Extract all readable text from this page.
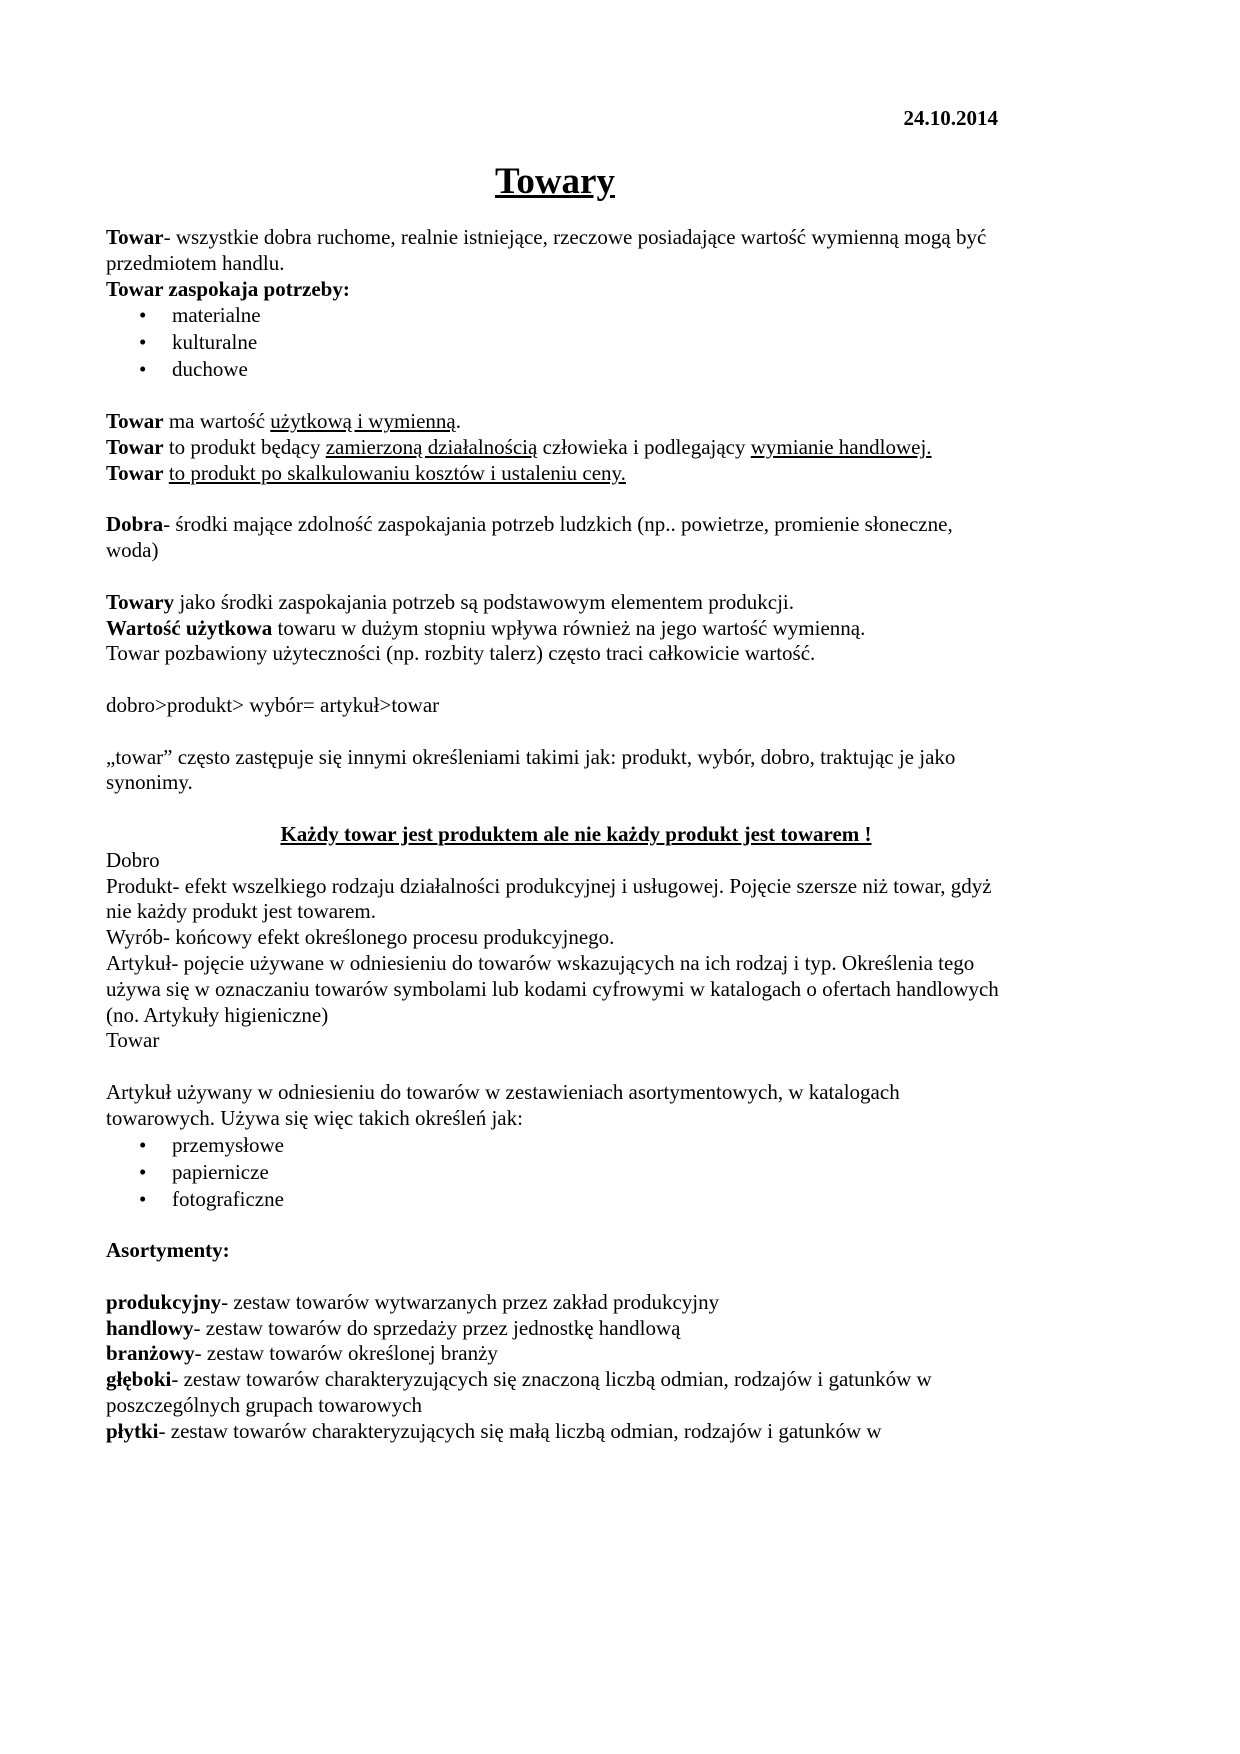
24.10.2014
Towary

Towar- wszystkie dobra ruchome, realnie istniejące, rzeczowe posiadające wartość wymienną mogą być przedmiotem handlu.

Towar zaspokaja potrzeby:

• materialne
• kulturalne
• duchowe

Towar ma wartość użytkową i wymienną.

Towar to produkt będący zamierzoną działalnością człowieka i podlegający wymianie handlowej.

Towar to produkt po skalkulowaniu kosztów i ustaleniu ceny.

Dobra- środki mające zdolność zaspokajania potrzeb ludzkich (np.. powietrze, promienie słoneczne, woda)

Towary jako środki zaspokajania potrzeb są podstawowym elementem produkcji.

Wartość użytkowa towaru w dużym stopniu wpływa również na jego wartość wymienną.

Towar pozbawiony użyteczności (np. rozbity talerz) często traci całkowicie wartość.

dobro>produkt> wybór= artykuł>towar

„towar” często zastępuje się innymi określeniami takimi jak: produkt, wybór, dobro, traktując je jako synonimy.

Każdy towar jest produktem ale nie każdy produkt jest towarem !

Dobro

Produkt- efekt wszelkiego rodzaju działalności produkcyjnej i usługowej. Pojęcie szersze niż towar, gdyż nie każdy produkt jest towarem.

Wyrób- końcowy efekt określonego procesu produkcyjnego.

Artykuł- pojęcie używane w odniesieniu do towarów wskazujących na ich rodzaj i typ. Określenia tego używa się w oznaczaniu towarów symbolami lub kodami cyfrowymi w katalogach o ofertach handlowych (no. Artykuły higieniczne)

Towar

Artykuł używany w odniesieniu do towarów w zestawieniach asortymentowych, w katalogach towarowych. Używa się więc takich określeń jak:

• przemysłowe
• papiernicze
• fotograficzne

Asortymenty:

produkcyjny- zestaw towarów wytwarzanych przez zakład produkcyjny

handlowy- zestaw towarów do sprzedaży przez jednostkę handlową

branżowy- zestaw towarów określonej branży

głęboki- zestaw towarów charakteryzujących się znaczoną liczbą odmian, rodzajów i gatunków w poszczególnych grupach towarowych

płytki- zestaw towarów charakteryzujących się małą liczbą odmian, rodzajów i gatunków w
